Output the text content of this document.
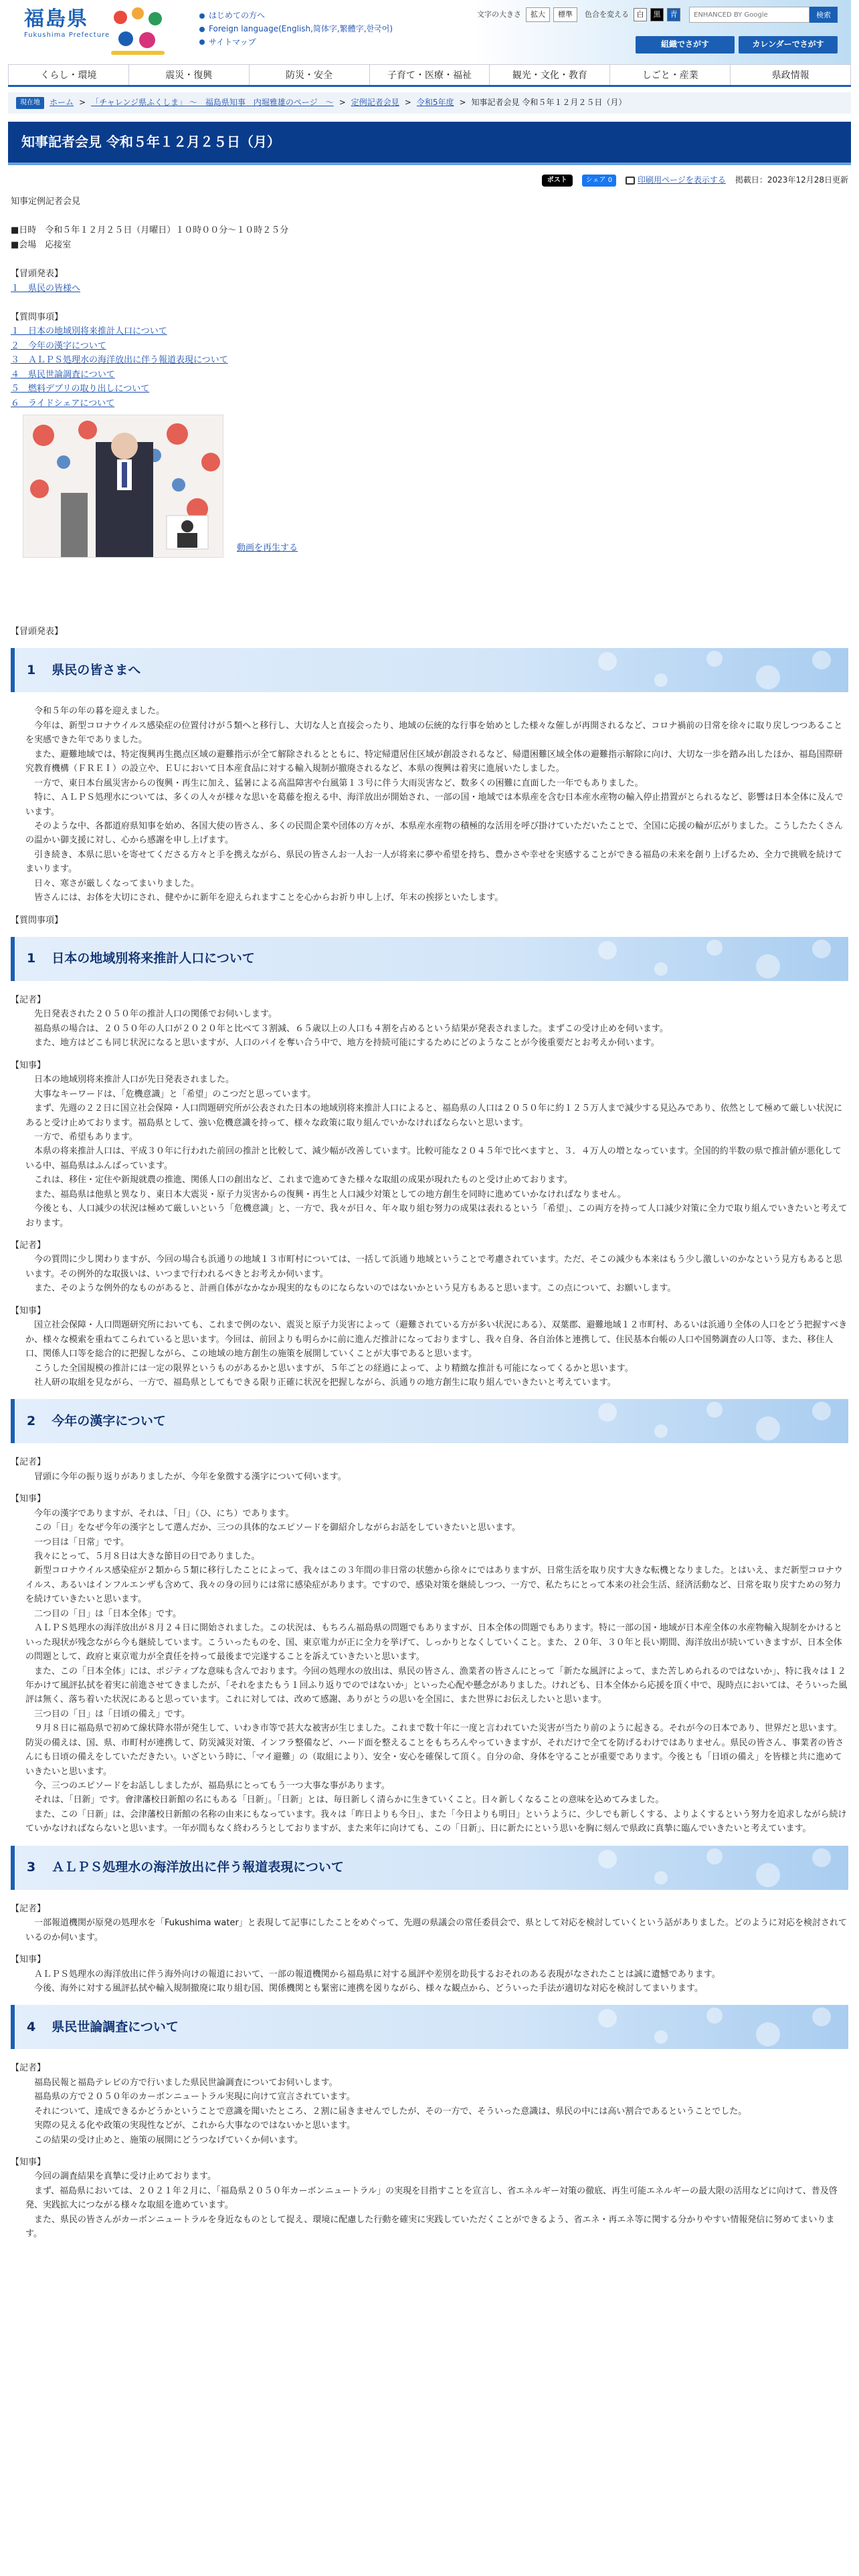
福島県
Fukushima Prefecture
はじめての方へ
Foreign language(English,简体字,繁體字,한국어)
サイトマップ
文字の大きさ	拡大	標準	色合を変える	白	黒	青
ENHANCED BY Google	検索
組織でさがす	カレンダーでさがす
くらし・環境	震災・復興	防災・安全	子育て・医療・福祉	観光・文化・教育	しごと・産業	県政情報
現在地	ホーム > 「チャレンジ県ふくしま」 ～　福島県知事　内堀雅雄のページ　～ > 定例記者会見 > 令和5年度 > 知事記者会見 令和５年１２月２５日（月）
知事記者会見 令和５年１２月２５日（月）
ポスト	シェア 0	印刷用ページを表示する 掲載日：2023年12月28日更新

知事定例記者会見

■日時　令和５年１２月２５日（月曜日）１０時００分～１０時２５分

■会場　応接室

【冒頭発表】

１　県民の皆様へ

【質問事項】

１　日本の地域別将来推計人口について

２　今年の漢字について

３　ＡＬＰＳ処理水の海洋放出に伴う報道表現について

４　県民世論調査について

５　燃料デブリの取り出しについて

６　ライドシェアについて

動画を再生する

【冒頭発表】

1 県民の皆さまへ

　令和５年の年の暮を迎えました。

　今年は、新型コロナウイルス感染症の位置付けが５類へと移行し、大切な人と直接会ったり、地域の伝統的な行事を始めとした様々な催しが再開されるなど、コロナ禍前の日常を徐々に取り戻しつつあることを実感できた年でありました。

　また、避難地域では、特定復興再生拠点区域の避難指示が全て解除されるとともに、特定帰還居住区域が創設されるなど、帰還困難区域全体の避難指示解除に向け、大切な一歩を踏み出したほか、福島国際研究教育機構（ＦＲＥＩ）の設立や、ＥＵにおいて日本産食品に対する輸入規制が撤廃されるなど、本県の復興は着実に進展いたしました。

　一方で、東日本台風災害からの復興・再生に加え、猛暑による高温障害や台風第１３号に伴う大雨災害など、数多くの困難に直面した一年でもありました。

　特に、ＡＬＰＳ処理水については、多くの人々が様々な思いを葛藤を抱える中、海洋放出が開始され、一部の国・地域では本県産を含む日本産水産物の輸入停止措置がとられるなど、影響は日本全体に及んでいます。

　そのような中、各都道府県知事を始め、各国大使の皆さん、多くの民間企業や団体の方々が、本県産水産物の積極的な活用を呼び掛けていただいたことで、全国に応援の輪が広がりました。こうしたたくさんの温かい御支援に対し、心から感謝を申し上げます。

　引き続き、本県に思いを寄せてくださる方々と手を携えながら、県民の皆さんお一人お一人が将来に夢や希望を持ち、豊かさや幸せを実感することができる福島の未来を創り上げるため、全力で挑戦を続けてまいります。

　日々、寒さが厳しくなってまいりました。

　皆さんには、お体を大切にされ、健やかに新年を迎えられますことを心からお祈り申し上げ、年末の挨拶といたします。

【質問事項】

1 日本の地域別将来推計人口について

【記者】

　先日発表された２０５０年の推計人口の関係でお伺いします。

　福島県の場合は、２０５０年の人口が２０２０年と比べて３割減、６５歳以上の人口も４割を占めるという結果が発表されました。まずこの受け止めを伺います。

　また、地方はどこも同じ状況になると思いますが、人口のパイを奪い合う中で、地方を持続可能にするためにどのようなことが今後重要だとお考えか伺います。

【知事】

　日本の地域別将来推計人口が先日発表されました。

　大事なキーワードは、「危機意識」と「希望」のこつだと思っています。

　まず、先週の２２日に国立社会保障・人口問題研究所が公表された日本の地域別将来推計人口によると、福島県の人口は２０５０年に約１２５万人まで減少する見込みであり、依然として極めて厳しい状況にあると受け止めております。福島県として、強い危機意識を持って、様々な政策に取り組んでいかなければならないと思います。

　一方で、希望もあります。

　本県の将来推計人口は、平成３０年に行われた前回の推計と比較して、減少幅が改善しています。比較可能な２０４５年で比べますと、３．４万人の増となっています。全国的約半数の県で推計値が悪化している中、福島県はふんばっています。

　これは、移住・定住や新規就農の推進、関係人口の創出など、これまで進めてきた様々な取組の成果が現れたものと受け止めております。

　また、福島県は他県と異なり、東日本大震災・原子力災害からの復興・再生と人口減少対策としての地方創生を同時に進めていかなければなりません。

　今後とも、人口減少の状況は極めて厳しいという「危機意識」と、一方で、我々が日々、年々取り組む努力の成果は表れるという「希望」、この両方を持って人口減少対策に全力で取り組んでいきたいと考えております。

【記者】

　今の質問に少し関わりますが、今回の場合も浜通りの地域１３市町村については、一括して浜通り地域ということで考慮されています。ただ、そこの減少も本来はもう少し激しいのかなという見方もあると思います。その例外的な取扱いは、いつまで行われるべきとお考えか伺います。

　また、そのような例外的なものがあると、計画自体がなかなか現実的なものにならないのではないかという見方もあると思います。この点について、お願いします。

【知事】

　国立社会保障・人口問題研究所においても、これまで例のない、震災と原子力災害によって（避難されている方が多い状況にある）、双葉郡、避難地域１２市町村、あるいは浜通り全体の人口をどう把握すべきか、様々な模索を重ねてこられていると思います。今回は、前回よりも明らかに前に進んだ推計になっておりますし、我々自身、各自治体と連携して、住民基本台帳の人口や国勢調査の人口等、また、移住人口、関係人口等を総合的に把握しながら、この地域の地方創生の施策を展開していくことが大事であると思います。

　こうした全国規模の推計には一定の限界というものがあるかと思いますが、５年ごとの経過によって、より精緻な推計も可能になってくるかと思います。

　社人研の取組を見ながら、一方で、福島県としてもできる限り正確に状況を把握しながら、浜通りの地方創生に取り組んでいきたいと考えています。

2 今年の漢字について

【記者】

　冒頭に今年の振り返りがありましたが、今年を象徴する漢字について伺います。

【知事】

　今年の漢字でありますが、それは、「日」（ひ、にち）であります。

　この「日」をなぜ今年の漢字として選んだか、三つの具体的なエピソードを御紹介しながらお話をしていきたいと思います。

　一つ目は「日常」です。

　我々にとって、５月８日は大きな節目の日でありました。

　新型コロナウイルス感染症が２類から５類に移行したことによって、我々はこの３年間の非日常の状態から徐々にではありますが、日常生活を取り戻す大きな転機となりました。とはいえ、まだ新型コロナウイルス、あるいはインフルエンザも含めて、我々の身の回りには常に感染症があります。ですので、感染対策を継続しつつ、一方で、私たちにとって本来の社会生活、経済活動など、日常を取り戻すための努力を続けていきたいと思います。

　二つ目の「日」は「日本全体」です。

　ＡＬＰＳ処理水の海洋放出が８月２４日に開始されました。この状況は、もちろん福島県の問題でもありますが、日本全体の問題でもあります。特に一部の国・地域が日本産全体の水産物輸入規制をかけるといった現状が残念ながら今も継続しています。こういったものを、国、東京電力が正に全力を挙げて、しっかりとなくしていくこと。また、２０年、３０年と長い期間、海洋放出が続いていきますが、日本全体の問題として、政府と東京電力が全責任を持って最後まで完遂することを訴えていきたいと思います。

　また、この「日本全体」には、ポジティブな意味も含んでおります。今回の処理水の放出は、県民の皆さん、漁業者の皆さんにとって「新たな風評によって、また苦しめられるのではないか」、特に我々は１２年かけて風評払拭を着実に前進させてきましたが、「それをまたもう１回ふり返りでのではないか」といった心配や懸念がありました。けれども、日本全体から応援を頂く中で、現時点においては、そういった風評は無く、落ち着いた状況にあると思っています。これに対しては、改めて感謝、ありがとうの思いを全国に、また世界にお伝えしたいと思います。

　三つ目の「日」は「日頃の備え」です。

　９月８日に福島県で初めて線状降水帯が発生して、いわき市等で甚大な被害が生じました。これまで数十年に一度と言われていた災害が当たり前のように起きる。それが今の日本であり、世界だと思います。防災の備えは、国、県、市町村が連携して、防災減災対策、インフラ整備など、ハード面を整えることをもちろんやっていきますが、それだけで全てを防げるわけではありません。県民の皆さん、事業者の皆さんにも日頃の備えをしていただきたい。いざという時に、「マイ避難」の（取組により）、安全・安心を確保して頂く。自分の命、身体を守ることが重要であります。今後とも「日頃の備え」を皆様と共に進めていきたいと思います。

　今、三つのエピソードをお話ししましたが、福島県にとってもう一つ大事な事があります。

　それは、「日新」です。會津藩校日新館の名にもある「日新」。「日新」とは、毎日新しく清らかに生きていくこと。日々新しくなることの意味を込めてみました。

　また、この「日新」は、会津藩校日新館の名称の由来にもなっています。我々は「昨日よりも今日」、また「今日よりも明日」というように、少しでも新しくする、よりよくするという努力を追求しながら続けていかなければならないと思います。一年が間もなく終わろうとしておりますが、また来年に向けても、この「日新」、日に新たにという思いを胸に刻んで県政に真摯に臨んでいきたいと考えています。

3 ＡＬＰＳ処理水の海洋放出に伴う報道表現について

【記者】

　一部報道機関が原発の処理水を「Fukushima water」と表現して記事にしたことをめぐって、先週の県議会の常任委員会で、県として対応を検討していくという話がありました。どのように対応を検討されているのか伺います。

【知事】

　ＡＬＰＳ処理水の海洋放出に伴う海外向けの報道において、一部の報道機関から福島県に対する風評や差別を助長するおそれのある表現がなされたことは誠に遺憾であります。

　今後、海外に対する風評払拭や輸入規制撤廃に取り組む国、関係機関とも緊密に連携を図りながら、様々な観点から、どういった手法が適切な対応を検討してまいります。

4 県民世論調査について

【記者】

　福島民報と福島テレビの方で行いました県民世論調査についてお伺いします。

　福島県の方で２０５０年のカーボンニュートラル実現に向けて宣言されています。

　それについて、達成できるかどうかということで意識を聞いたところ、２割に届きませんでしたが、その一方で、そういった意識は、県民の中には高い割合であるということでした。

　実際の見える化や政策の実現性などが、これから大事なのではないかと思います。

　この結果の受け止めと、施策の展開にどうつなげていくか伺います。

【知事】

　今回の調査結果を真摯に受け止めております。

　まず、福島県においては、２０２１年２月に、「福島県２０５０年カーボンニュートラル」の実現を目指すことを宣言し、省エネルギー対策の徹底、再生可能エネルギーの最大限の活用などに向けて、普及啓発、実践拡大につながる様々な取組を進めています。

　また、県民の皆さんがカーボンニュートラルを身近なものとして捉え、環境に配慮した行動を確実に実践していただくことができるよう、省エネ・再エネ等に関する分かりやすい情報発信に努めてまいります。
